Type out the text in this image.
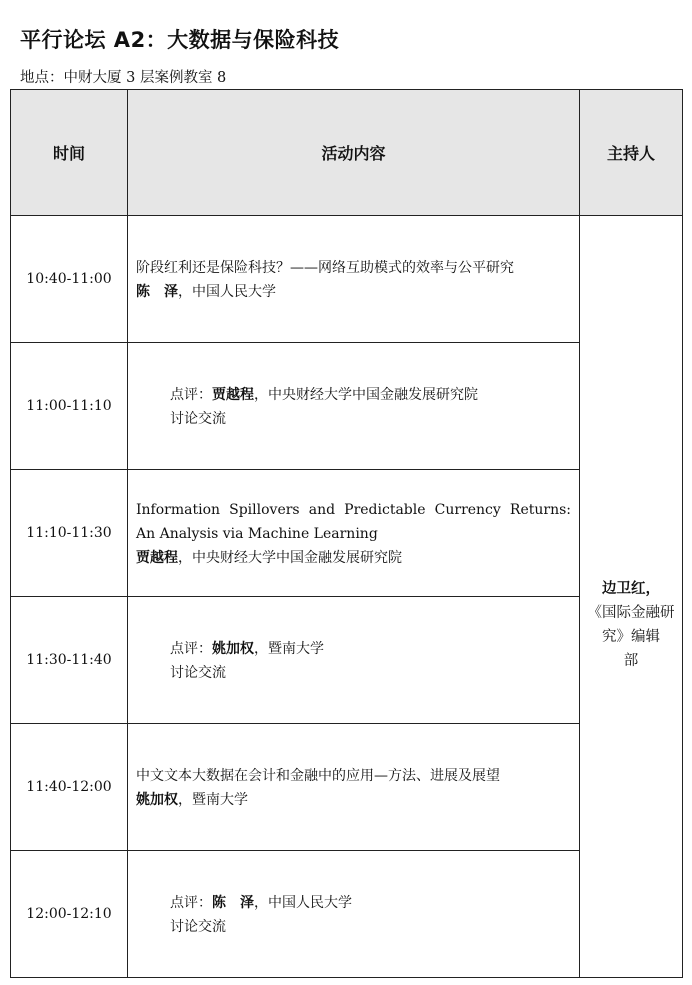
平行论坛 A2：大数据与保险科技
地点：中财大厦 3 层案例教室 8
时间	活动内容	主持人
10:40-11:00	阶段红利还是保险科技？——网络互助模式的效率与公平研究
陈　泽，中国人民大学	边卫红，
《国际金融研究》编辑
部

11:00-11:10	点评：贾越程，中央财经大学中国金融发展研究院
讨论交流	

11:10-11:30	Information Spillovers and Predictable Currency Returns: An Analysis via Machine Learning
贾越程，中央财经大学中国金融发展研究院	

11:30-11:40	点评：姚加权，暨南大学
讨论交流	

11:40-12:00	中文文本大数据在会计和金融中的应用—方法、进展及展望
姚加权，暨南大学	

12:00-12:10	点评：陈　泽，中国人民大学
讨论交流	
